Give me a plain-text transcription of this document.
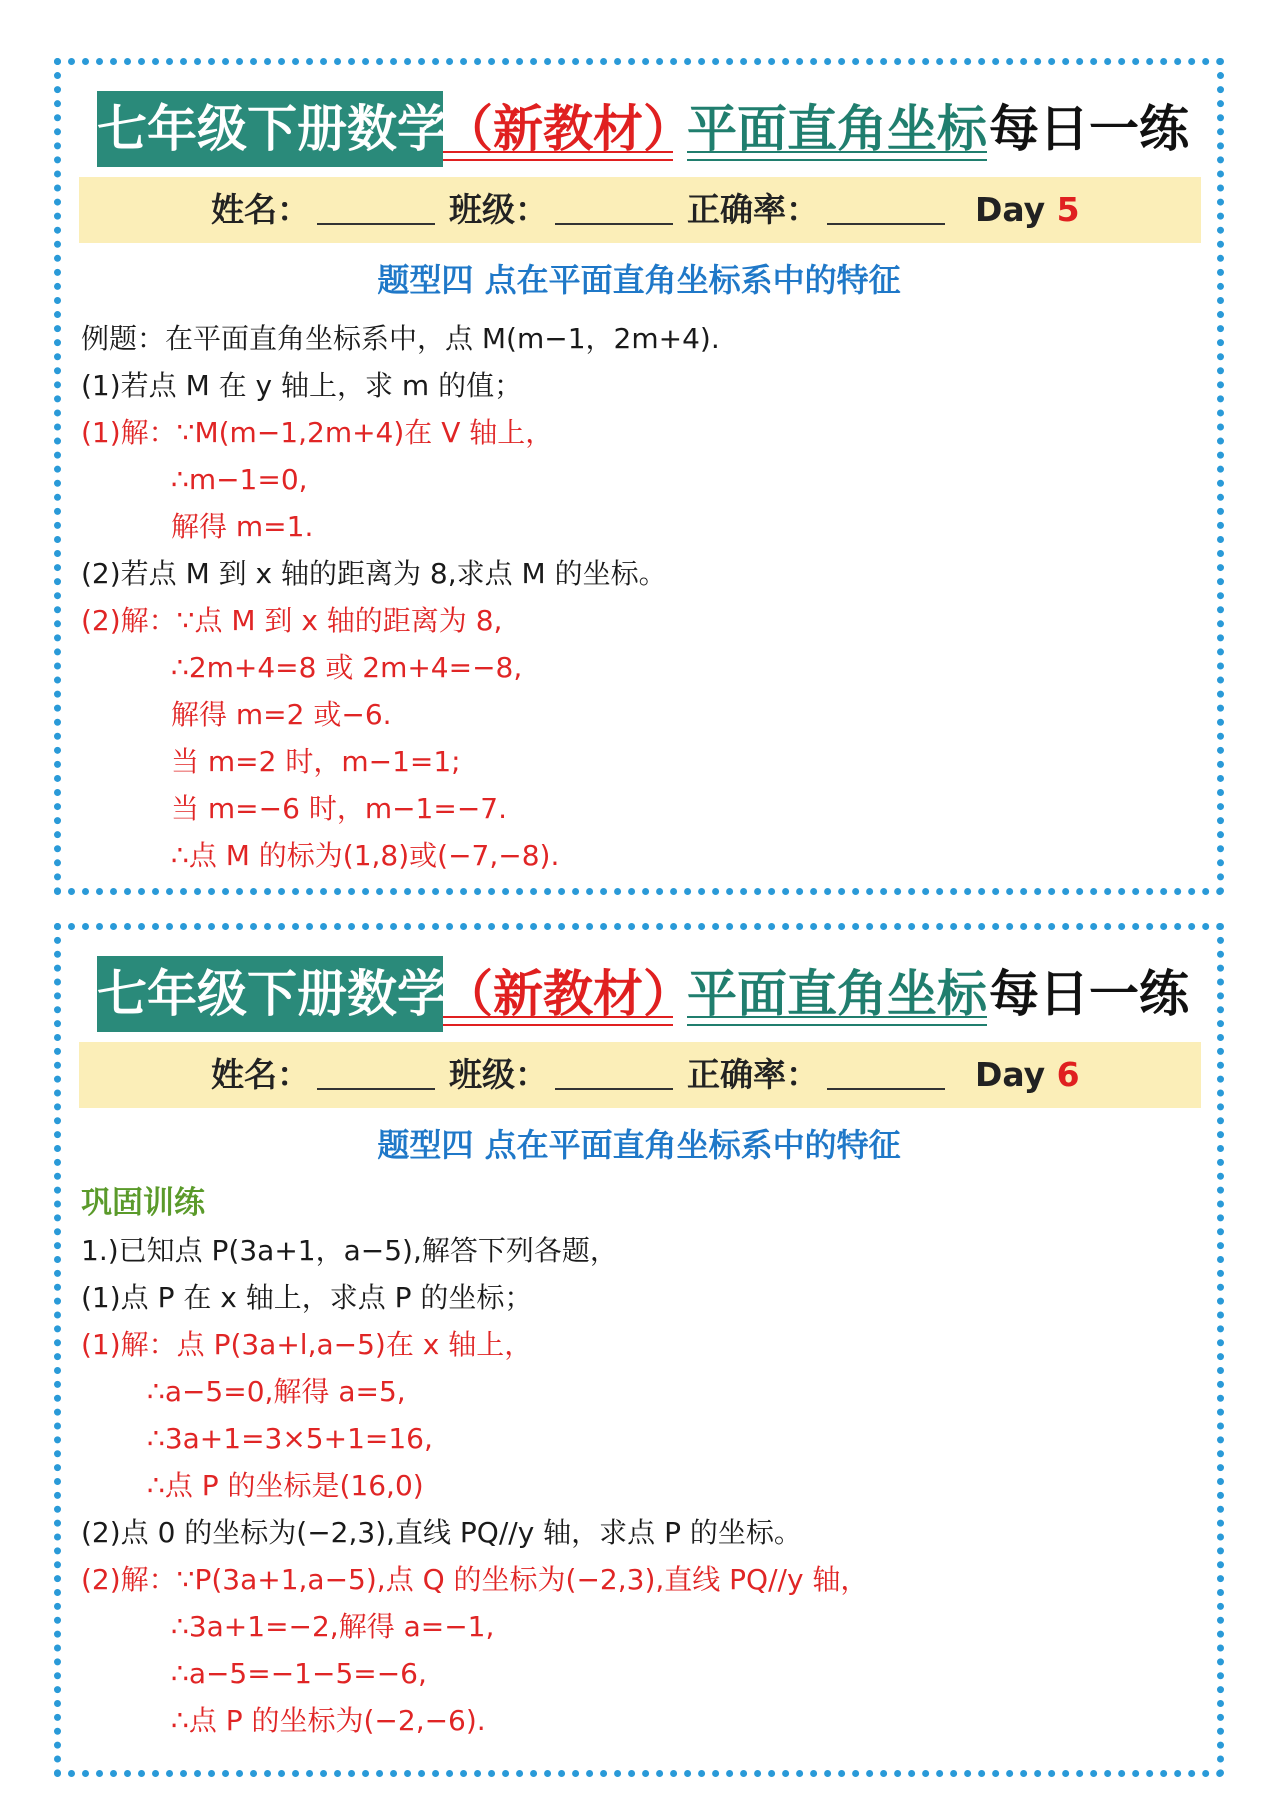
七年级下册数学
（新教材）
平面直角坐标 每日一练
姓名：	班级：	正确率：	Day 5
题型四 点在平面直角坐标系中的特征
例题：在平面直角坐标系中，点 M(m−1，2m+4).
(1)若点 M 在 y 轴上，求 m 的值；
(1)解：∵M(m−1,2m+4)在 V 轴上，
∴m−1=0,
解得 m=1.
(2)若点 M 到 x 轴的距离为 8,求点 M 的坐标。
(2)解：∵点 M 到 x 轴的距离为 8,
∴2m+4=8 或 2m+4=−8,
解得 m=2 或−6.
当 m=2 时，m−1=1;
当 m=−6 时，m−1=−7.
∴点 M 的标为(1,8)或(−7,−8).
七年级下册数学
（新教材）
平面直角坐标 每日一练
姓名：	班级：	正确率：	Day 6
题型四 点在平面直角坐标系中的特征
巩固训练
1.)已知点 P(3a+1，a−5),解答下列各题，
(1)点 P 在 x 轴上，求点 P 的坐标；
(1)解：点 P(3a+l,a−5)在 x 轴上，
∴a−5=0,解得 a=5,
∴3a+1=3×5+1=16,
∴点 P 的坐标是(16,0)
(2)点 0 的坐标为(−2,3),直线 PQ//y 轴，求点 P 的坐标。
(2)解：∵P(3a+1,a−5),点 Q 的坐标为(−2,3),直线 PQ//y 轴，
∴3a+1=−2,解得 a=−1,
∴a−5=−1−5=−6,
∴点 P 的坐标为(−2,−6).
